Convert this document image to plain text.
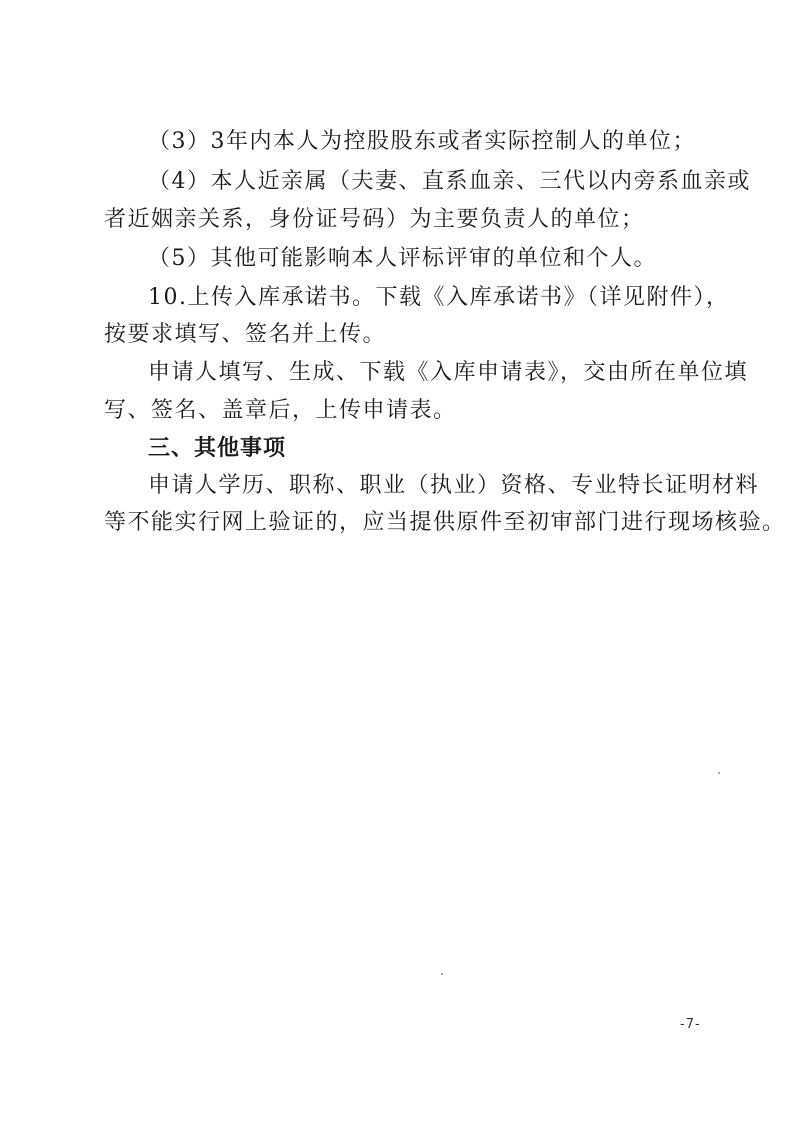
（3）3年内本人为控股股东或者实际控制人的单位；
（4）本人近亲属（夫妻、直系血亲、三代以内旁系血亲或
者近姻亲关系，身份证号码）为主要负责人的单位；
（5）其他可能影响本人评标评审的单位和个人。
10.上传入库承诺书。下载《入库承诺书》（详见附件），
按要求填写、签名并上传。
申请人填写、生成、下载《入库申请表》，交由所在单位填
写、签名、盖章后，上传申请表。
三、其他事项
申请人学历、职称、职业（执业）资格、专业特长证明材料
等不能实行网上验证的，应当提供原件至初审部门进行现场核验。
-7-
